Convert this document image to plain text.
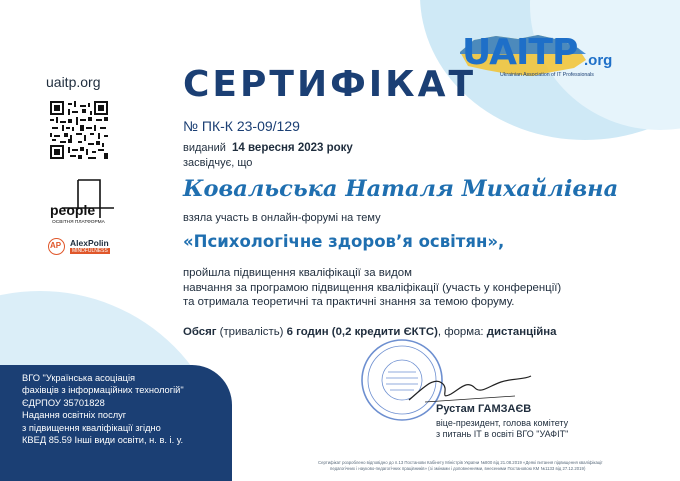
UAITP .org
Ukrainian Association of IT Professionals
uaitp.org
people
ОСВІТНЯ ПЛАТФОРМА
AP AlexPolin
MINDFULNESS
СЕРТИФІКАТ
№ ПК-К 23-09/129
виданий 14 вересня 2023 року
засвідчує, що
Ковальська Наталя Михайлівна
взяла участь в онлайн-форумі на тему
«Психологічне здоров’я освітян»,
пройшла підвищення кваліфікації за видом
навчання за програмою підвищення кваліфікації (участь у конференції)
та отримала теоретичні та практичні знання за темою форуму.
Обсяг (тривалість) 6 годин (0,2 кредити ЄКТС), форма: дистанційна
Рустам ГАМЗАЄВ
віце-президент, голова комітету
з питань ІТ в освіті ВГО "УАФІТ"
ВГО "Українська асоціація
фахівців з інформаційних технологій"
ЄДРПОУ 35701828
Надання освітніх послуг
з підвищення кваліфікації згідно
КВЕД 85.59 Інші види освіти, н. в. і. у.
Сертифікат розроблено відповідно до п.13 Постанови Кабінету Міністрів України №800 від 21.08.2019 «Деякі питання підвищення кваліфікації
педагогічних і науково-педагогічних працівників» (зі змінами і доповненнями, внесеними Постановою КМ №1133 від 27.12.2019)
